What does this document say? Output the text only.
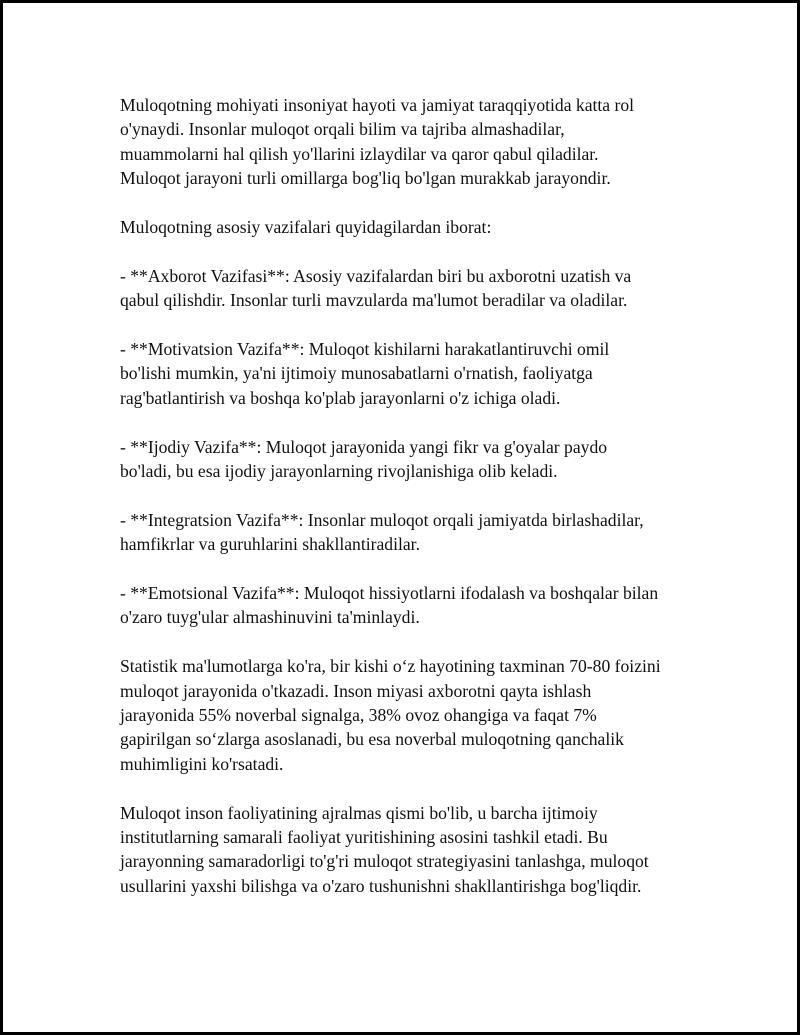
Muloqotning mohiyati insoniyat hayoti va jamiyat taraqqiyotida katta rol
o'ynaydi. Insonlar muloqot orqali bilim va tajriba almashadilar,
muammolarni hal qilish yo'llarini izlaydilar va qaror qabul qiladilar.
Muloqot jarayoni turli omillarga bog'liq bo'lgan murakkab jarayondir.

Muloqotning asosiy vazifalari quyidagilardan iborat:

- **Axborot Vazifasi**: Asosiy vazifalardan biri bu axborotni uzatish va
qabul qilishdir. Insonlar turli mavzularda ma'lumot beradilar va oladilar.

- **Motivatsion Vazifa**: Muloqot kishilarni harakatlantiruvchi omil
bo'lishi mumkin, ya'ni ijtimoiy munosabatlarni o'rnatish, faoliyatga
rag'batlantirish va boshqa ko'plab jarayonlarni o'z ichiga oladi.

- **Ijodiy Vazifa**: Muloqot jarayonida yangi fikr va g'oyalar paydo
bo'ladi, bu esa ijodiy jarayonlarning rivojlanishiga olib keladi.

- **Integratsion Vazifa**: Insonlar muloqot orqali jamiyatda birlashadilar,
hamfikrlar va guruhlarini shakllantiradilar.

- **Emotsional Vazifa**: Muloqot hissiyotlarni ifodalash va boshqalar bilan
o'zaro tuyg'ular almashinuvini ta'minlaydi.

Statistik ma'lumotlarga ko'ra, bir kishi o‘z hayotining taxminan 70-80 foizini
muloqot jarayonida o'tkazadi. Inson miyasi axborotni qayta ishlash
jarayonida 55% noverbal signalga, 38% ovoz ohangiga va faqat 7%
gapirilgan so‘zlarga asoslanadi, bu esa noverbal muloqotning qanchalik
muhimligini ko'rsatadi.

Muloqot inson faoliyatining ajralmas qismi bo'lib, u barcha ijtimoiy
institutlarning samarali faoliyat yuritishining asosini tashkil etadi. Bu
jarayonning samaradorligi to'g'ri muloqot strategiyasini tanlashga, muloqot
usullarini yaxshi bilishga va o'zaro tushunishni shakllantirishga bog'liqdir.
